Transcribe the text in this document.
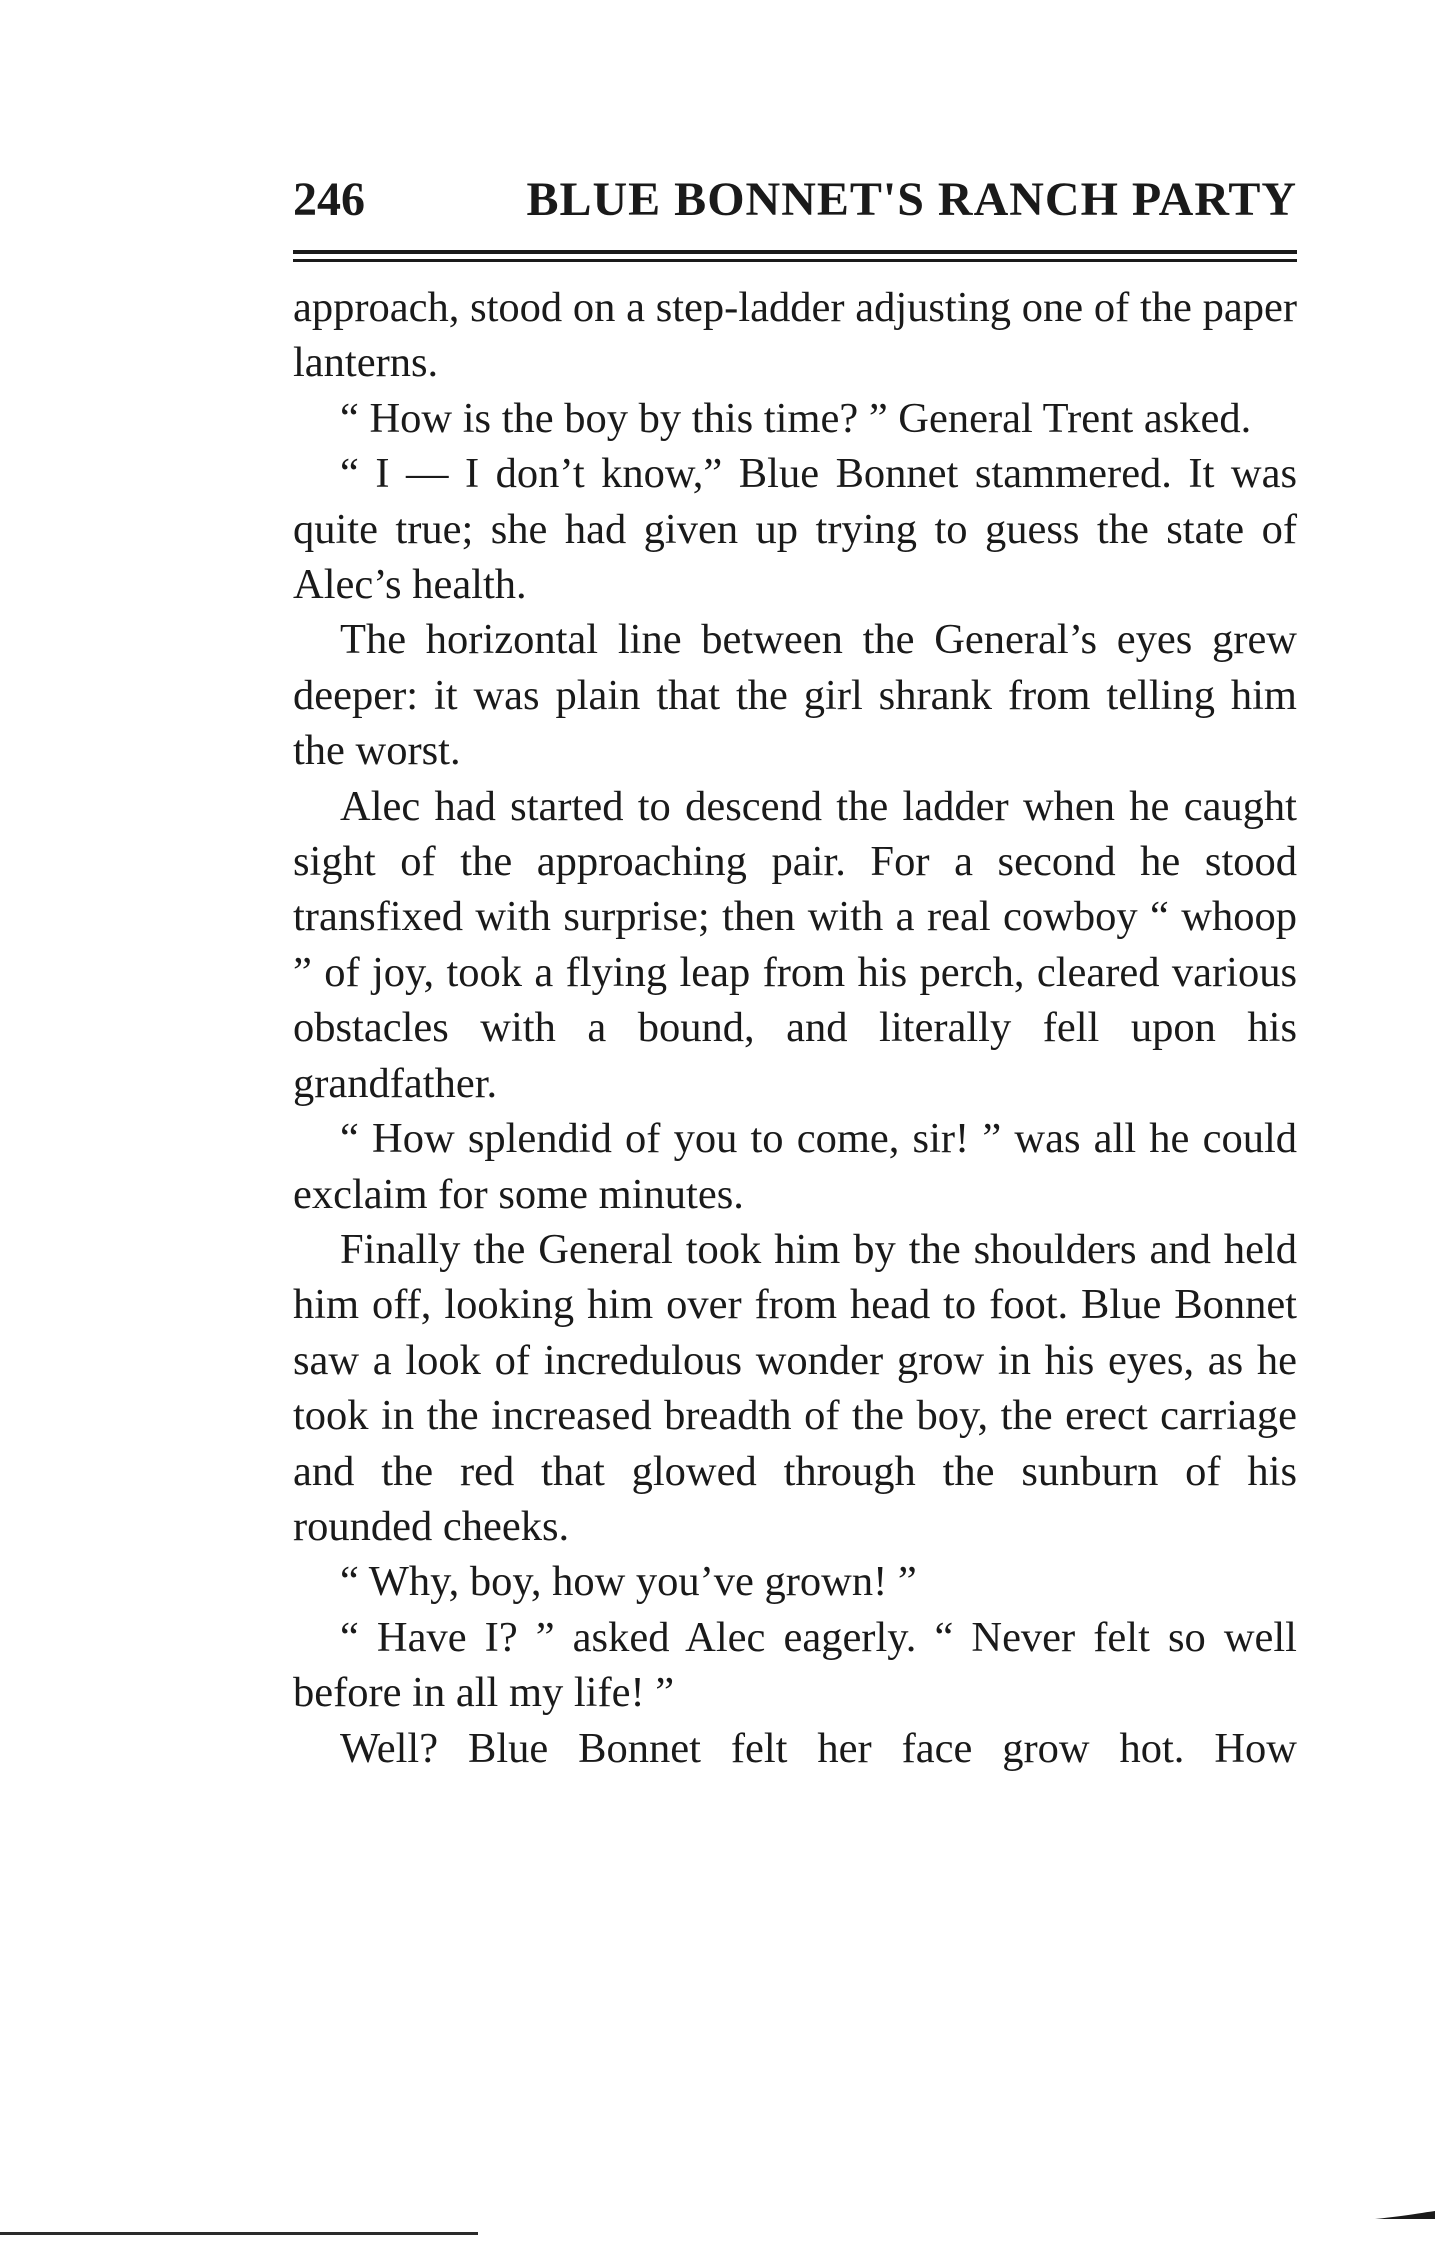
246	BLUE BONNET'S RANCH PARTY

approach, stood on a step-ladder adjusting one of the paper lanterns.

“ How is the boy by this time? ” General Trent asked.

“ I — I don’t know,” Blue Bonnet stammered. It was quite true; she had given up trying to guess the state of Alec’s health.

The horizontal line between the General’s eyes grew deeper: it was plain that the girl shrank from telling him the worst.

Alec had started to descend the ladder when he caught sight of the approaching pair. For a second he stood transfixed with surprise; then with a real cowboy “ whoop ” of joy, took a flying leap from his perch, cleared various obstacles with a bound, and literally fell upon his grandfather.

“ How splendid of you to come, sir! ” was all he could exclaim for some minutes.

Finally the General took him by the shoulders and held him off, looking him over from head to foot. Blue Bonnet saw a look of incredulous wonder grow in his eyes, as he took in the increased breadth of the boy, the erect carriage and the red that glowed through the sunburn of his rounded cheeks.

“ Why, boy, how you’ve grown! ”

“ Have I? ” asked Alec eagerly. “ Never felt so well before in all my life! ”

Well? Blue Bonnet felt her face grow hot. How
